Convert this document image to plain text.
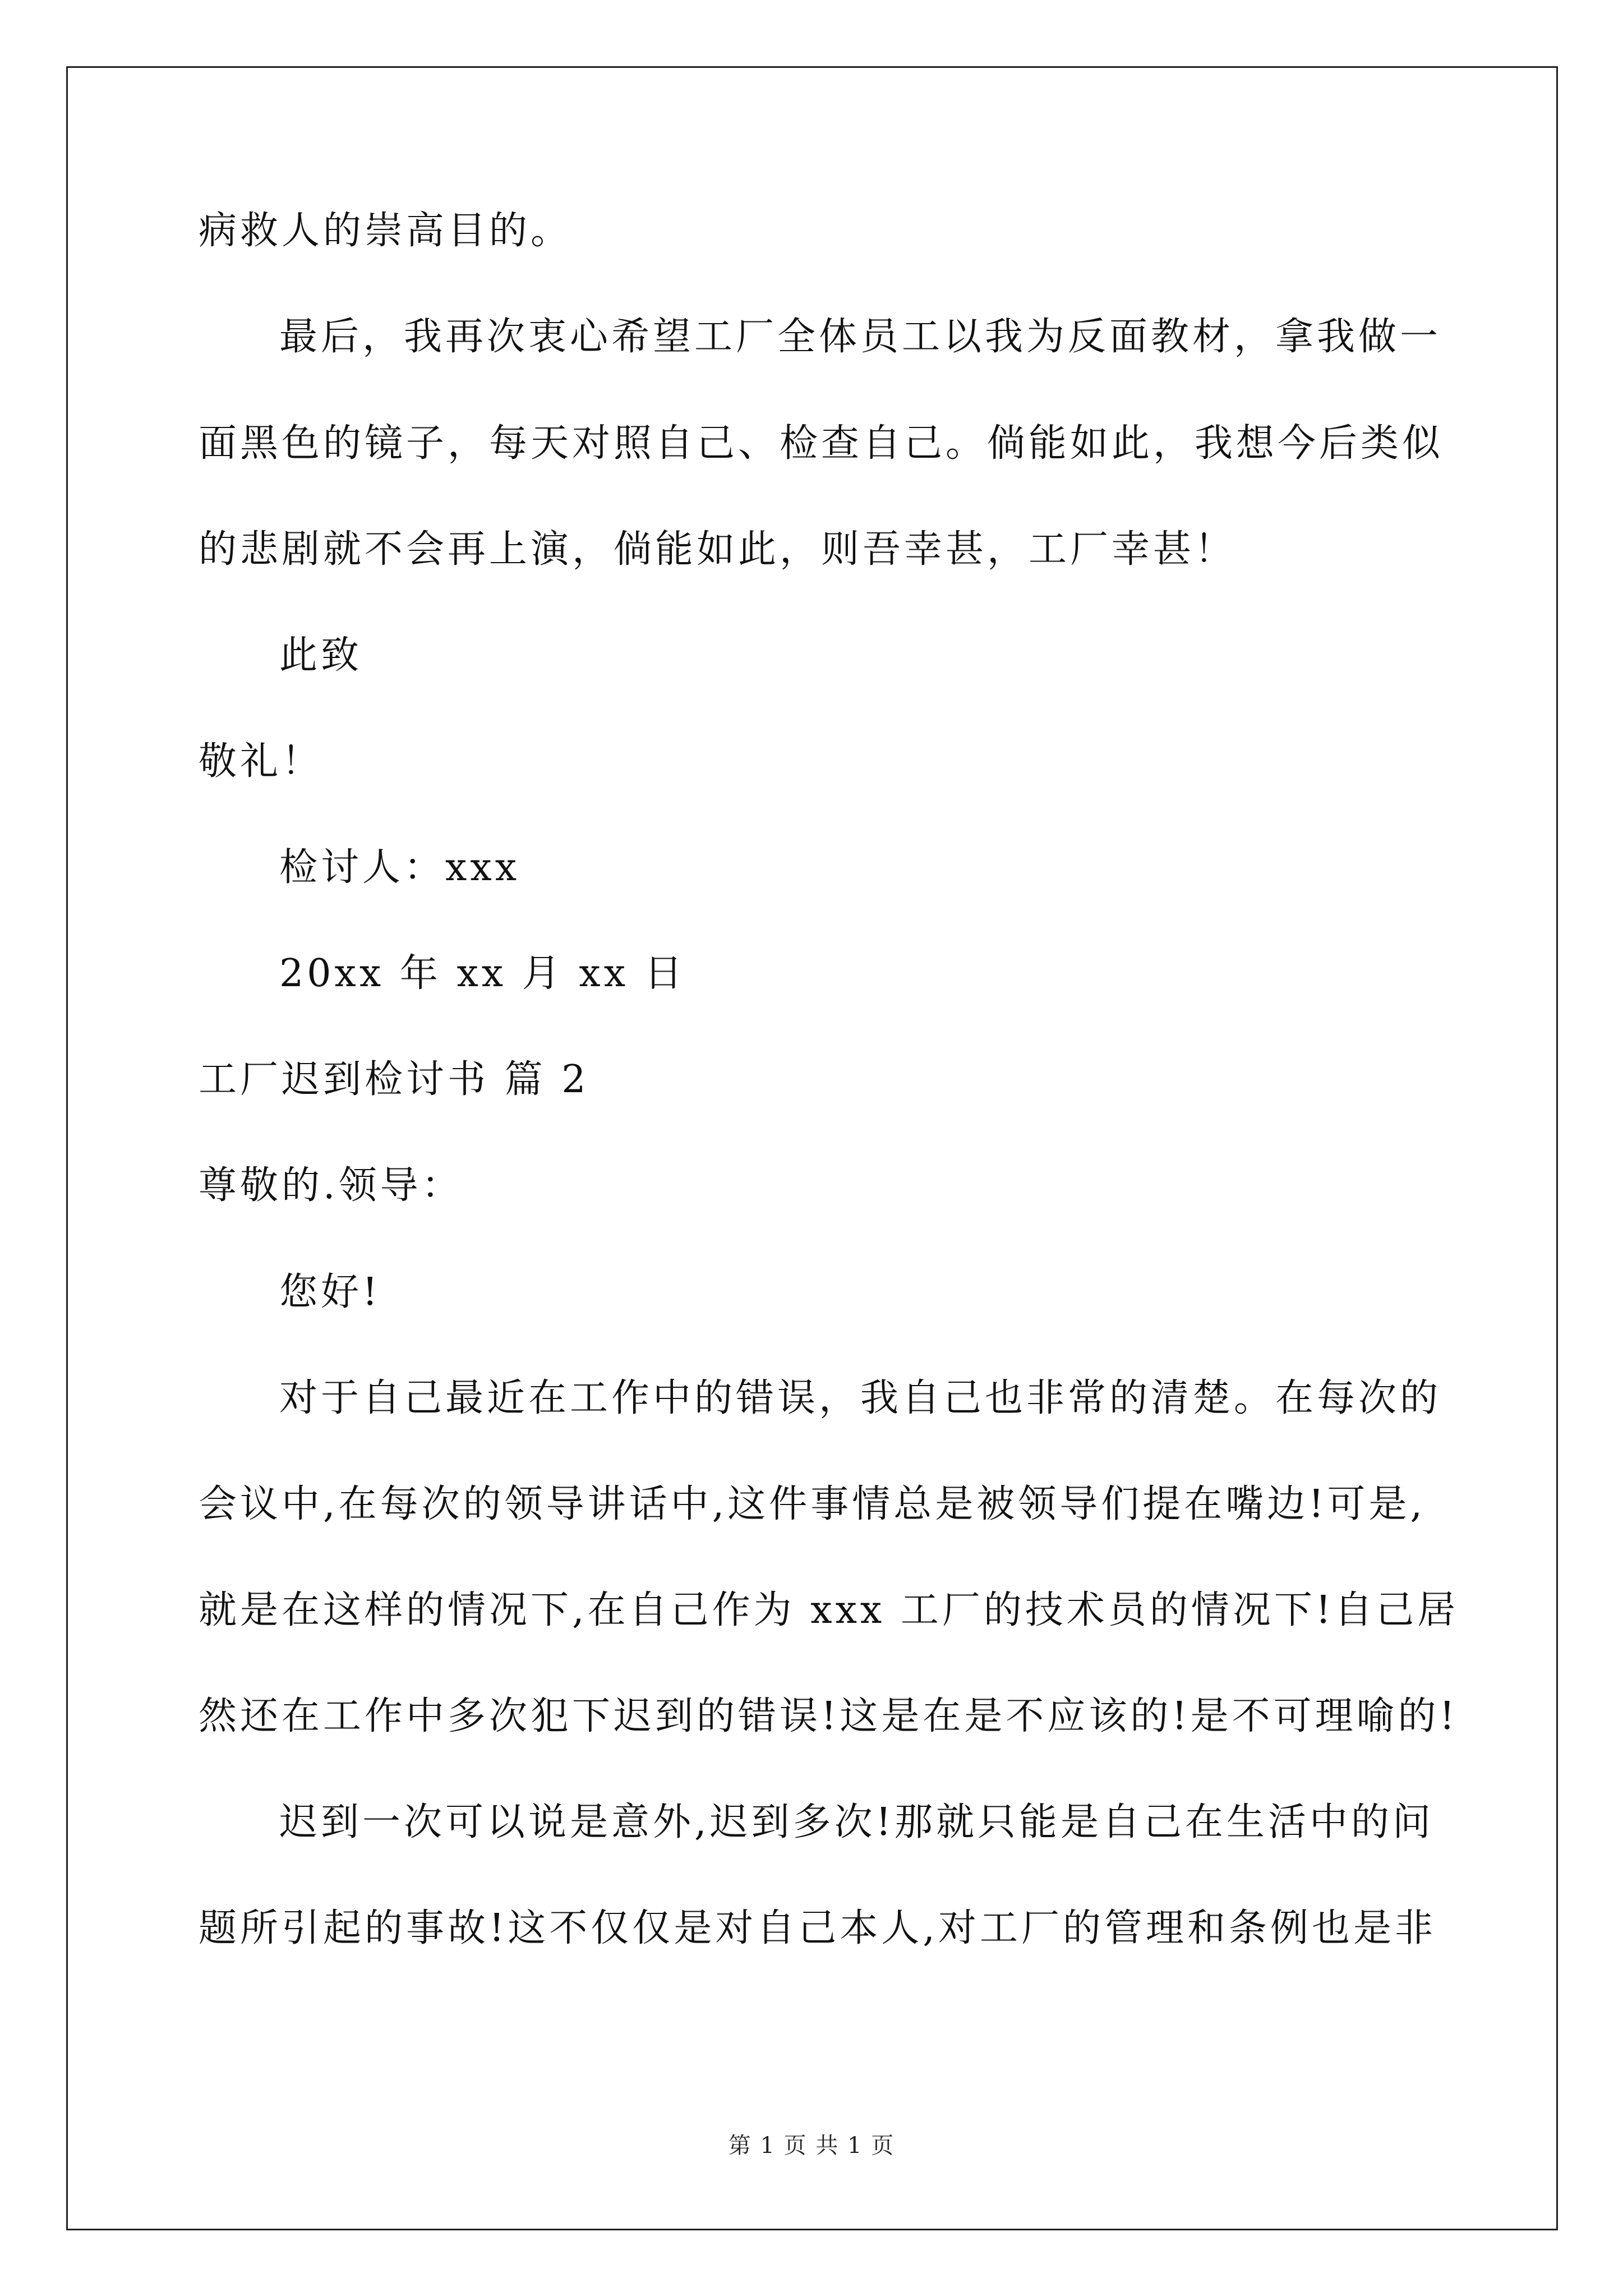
病救人的崇高目的。
最后，我再次衷心希望工厂全体员工以我为反面教材，拿我做一
面黑色的镜子，每天对照自己、检查自己。倘能如此，我想今后类似
的悲剧就不会再上演，倘能如此，则吾幸甚，工厂幸甚！
此致
敬礼！
检讨人：xxx
20xx 年 xx 月 xx 日
工厂迟到检讨书 篇 2
尊敬的.领导：
您好!
对于自己最近在工作中的错误，我自己也非常的清楚。在每次的
会议中,在每次的领导讲话中,这件事情总是被领导们提在嘴边!可是,
就是在这样的情况下,在自己作为 xxx 工厂的技术员的情况下!自己居
然还在工作中多次犯下迟到的错误!这是在是不应该的!是不可理喻的!
迟到一次可以说是意外,迟到多次!那就只能是自己在生活中的问
题所引起的事故!这不仅仅是对自己本人,对工厂的管理和条例也是非
第 1 页 共 1 页
